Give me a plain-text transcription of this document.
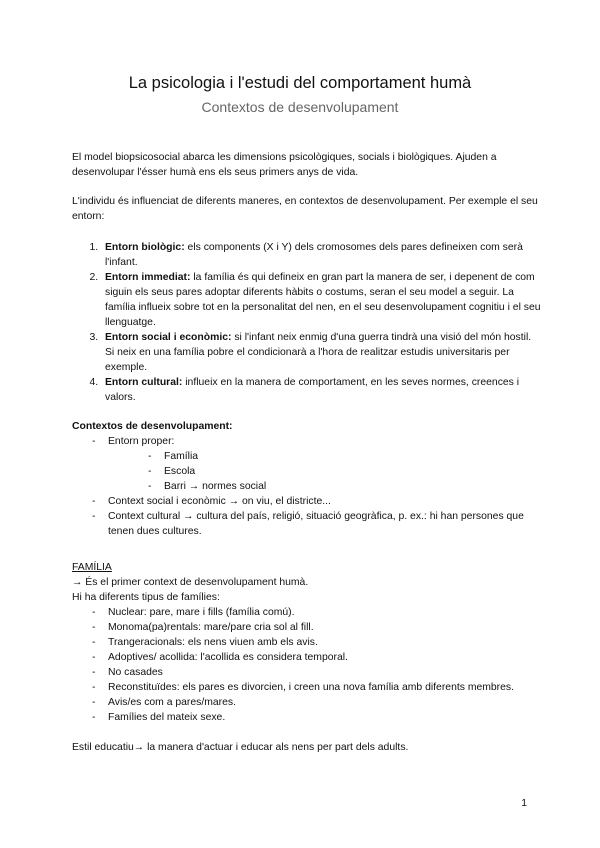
La psicologia i l'estudi del comportament humà

Contextos de desenvolupament

El model biopsicosocial abarca les dimensions psicològiques, socials i biològiques. Ajuden a desenvolupar l'ésser humà ens els seus primers anys de vida.

L'individu és influenciat de diferents maneres, en contextos de desenvolupament. Per exemple el seu entorn:

1. Entorn biològic: els components (X i Y) dels cromosomes dels pares defineixen com serà l'infant.
2. Entorn immediat: la família és qui defineix en gran part la manera de ser, i depenent de com siguin els seus pares adoptar diferents hàbits o costums, seran el seu model a seguir. La família influeix sobre tot en la personalitat del nen, en el seu desenvolupament cognitiu i el seu llenguatge.
3. Entorn social i econòmic: si l'infant neix enmig d'una guerra tindrà una visió del món hostil. Si neix en una família pobre el condicionarà a l'hora de realitzar estudis universitaris per exemple.
4. Entorn cultural: influeix en la manera de comportament, en les seves normes, creences i valors.

Contextos de desenvolupament:

- Entorn proper:
- Família
- Escola
- Barri → normes social
- Context social i econòmic → on viu, el districte...
- Context cultural → cultura del país, religió, situació geogràfica, p. ex.: hi han persones que tenen dues cultures.

FAMÍLIA

→ És el primer context de desenvolupament humà.

Hi ha diferents tipus de famílies:

- Nuclear: pare, mare i fills (família comú).
- Monoma(pa)rentals: mare/pare cria sol al fill.
- Trangeracionals: els nens viuen amb els avis.
- Adoptives/ acollida: l'acollida es considera temporal.
- No casades
- Reconstituïdes: els pares es divorcien, i creen una nova família amb diferents membres.
- Avis/es com a pares/mares.
- Famílies del mateix sexe.

Estil educatiu→ la manera d'actuar i educar als nens per part dels adults.

1
